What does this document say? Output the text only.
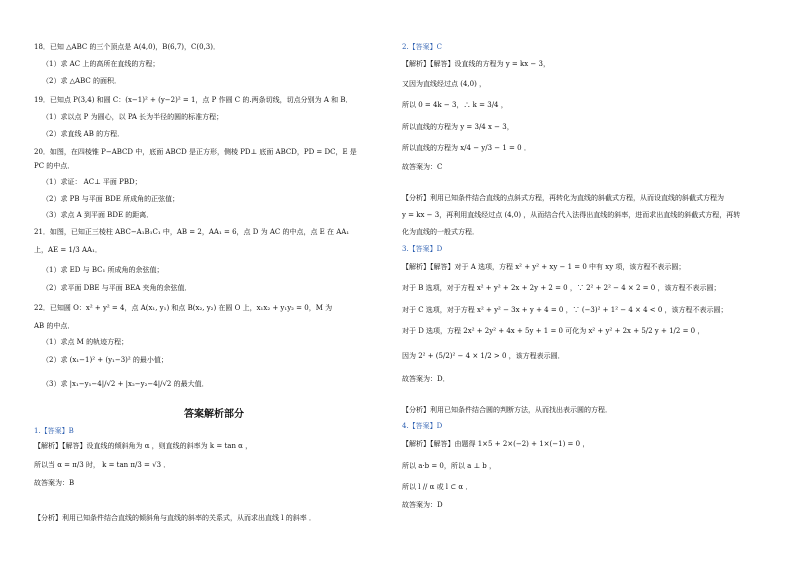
18．已知 △ABC 的三个顶点是 A(4,0)，B(6,7)，C(0,3)．
（1）求 AC 上的高所在直线的方程；
（2）求 △ABC 的面积．
19．已知点 P(3,4) 和圆 C：(x−1)² + (y−2)² = 1，点 P 作圆 C 的.两条切线，切点分别为 A 和 B．
（1）求以点 P 为圆心，以 PA 长为半径的圆的标准方程；
（2）求直线 AB 的方程．
20．如图，在四棱锥 P−ABCD 中，底面 ABCD 是正方形，侧棱 PD⊥ 底面 ABCD，PD = DC，E 是
PC 的中点．
（1）求证： AC⊥ 平面 PBD；
（2）求 PB 与平面 BDE 所成角的正弦值；
（3）求点 A 到平面 BDE 的距离．
21．如图，已知正三棱柱 ABC−A₁B₁C₁ 中，AB = 2，AA₁ = 6，点 D 为 AC 的中点，点 E 在 AA₁
上，AE = 1/3 AA₁．
（1）求 ED 与 BC₁ 所成角的余弦值；
（2）求平面 DBE 与平面 BEA 夹角的余弦值．
22．已知圆 O：x² + y² = 4，点 A(x₁, y₁) 和点 B(x₂, y₂) 在圆 O 上，x₁x₂ + y₁y₂ = 0，M 为
AB 的中点．
（1）求点 M 的轨迹方程；
（2）求 (x₁−1)² + (y₁−3)² 的最小值；
（3）求 |x₁−y₁−4|/√2 + |x₂−y₂−4|/√2 的最大值．
答案解析部分
1.【答案】B
【解析】【解答】设直线的倾斜角为 α ，则直线的斜率为 k = tan α ，
所以当 α = π/3 时， k = tan π/3 = √3 ．
故答案为：B
【分析】利用已知条件结合直线的倾斜角与直线的斜率的关系式，从而求出直线 l 的斜率 ．
2.【答案】C
【解析】【解答】设直线的方程为 y = kx − 3，
又因为直线经过点 (4,0) ，
所以 0 = 4k − 3，∴ k = 3/4 ，
所以直线的方程为 y = 3/4 x − 3，
所以直线的方程为 x/4 − y/3 − 1 = 0 ．
故答案为：C
【分析】利用已知条件结合直线的点斜式方程，再转化为直线的斜截式方程，从而设直线的斜截式方程为
y = kx − 3，再利用直线经过点 (4,0) ，从而结合代入法得出直线的斜率，进而求出直线的斜截式方程，再转
化为直线的一般式方程．
3.【答案】D
【解析】【解答】对于 A 选项，方程 x² + y² + xy − 1 = 0 中有 xy 项，该方程不表示圆；
对于 B 选项，对于方程 x² + y² + 2x + 2y + 2 = 0 ，∵ 2² + 2² − 4 × 2 = 0 ，该方程不表示圆；
对于 C 选项，对于方程 x² + y² − 3x + y + 4 = 0 ，∵ (−3)² + 1² − 4 × 4 < 0 ，该方程不表示圆；
对于 D 选项，方程 2x² + 2y² + 4x + 5y + 1 = 0 可化为 x² + y² + 2x + 5/2 y + 1/2 = 0 ，
因为 2² + (5/2)² − 4 × 1/2 > 0 ，该方程表示圆．
故答案为：D．
【分析】利用已知条件结合圆的判断方法，从而找出表示圆的方程．
4.【答案】D
【解析】【解答】由题得 1×5 + 2×(−2) + 1×(−1) = 0 ，
所以 a·b = 0，所以 a ⊥ b ，
所以 l // α 或 l ⊂ α ．
故答案为：D
